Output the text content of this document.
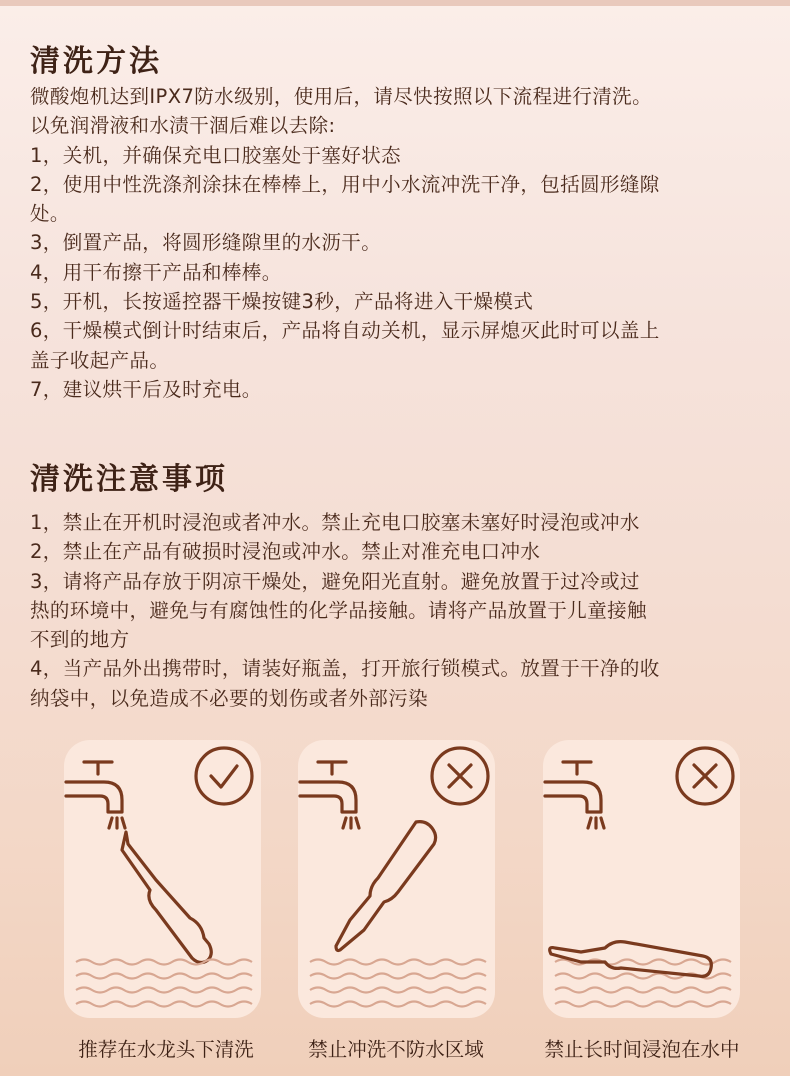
清洗方法
微酸炮机达到IPX7防水级别，使用后，请尽快按照以下流程进行清洗。
以免润滑液和水渍干涸后难以去除:
1，关机，并确保充电口胶塞处于塞好状态
2，使用中性洗涤剂涂抹在棒棒上，用中小水流冲洗干净，包括圆形缝隙
处。
3，倒置产品，将圆形缝隙里的水沥干。
4，用干布擦干产品和棒棒。
5，开机，长按遥控器干燥按键3秒，产品将进入干燥模式
6，干燥模式倒计时结束后，产品将自动关机，显示屏熄灭此时可以盖上
盖子收起产品。
7，建议烘干后及时充电。
清洗注意事项
1，禁止在开机时浸泡或者冲水。禁止充电口胶塞未塞好时浸泡或冲水
2，禁止在产品有破损时浸泡或冲水。禁止对准充电口冲水
3，请将产品存放于阴凉干燥处，避免阳光直射。避免放置于过冷或过
热的环境中，避免与有腐蚀性的化学品接触。请将产品放置于儿童接触
不到的地方
4，当产品外出携带时，请装好瓶盖，打开旅行锁模式。放置于干净的收
纳袋中，以免造成不必要的划伤或者外部污染
推荐在水龙头下清洗	禁止冲洗不防水区域	禁止长时间浸泡在水中
